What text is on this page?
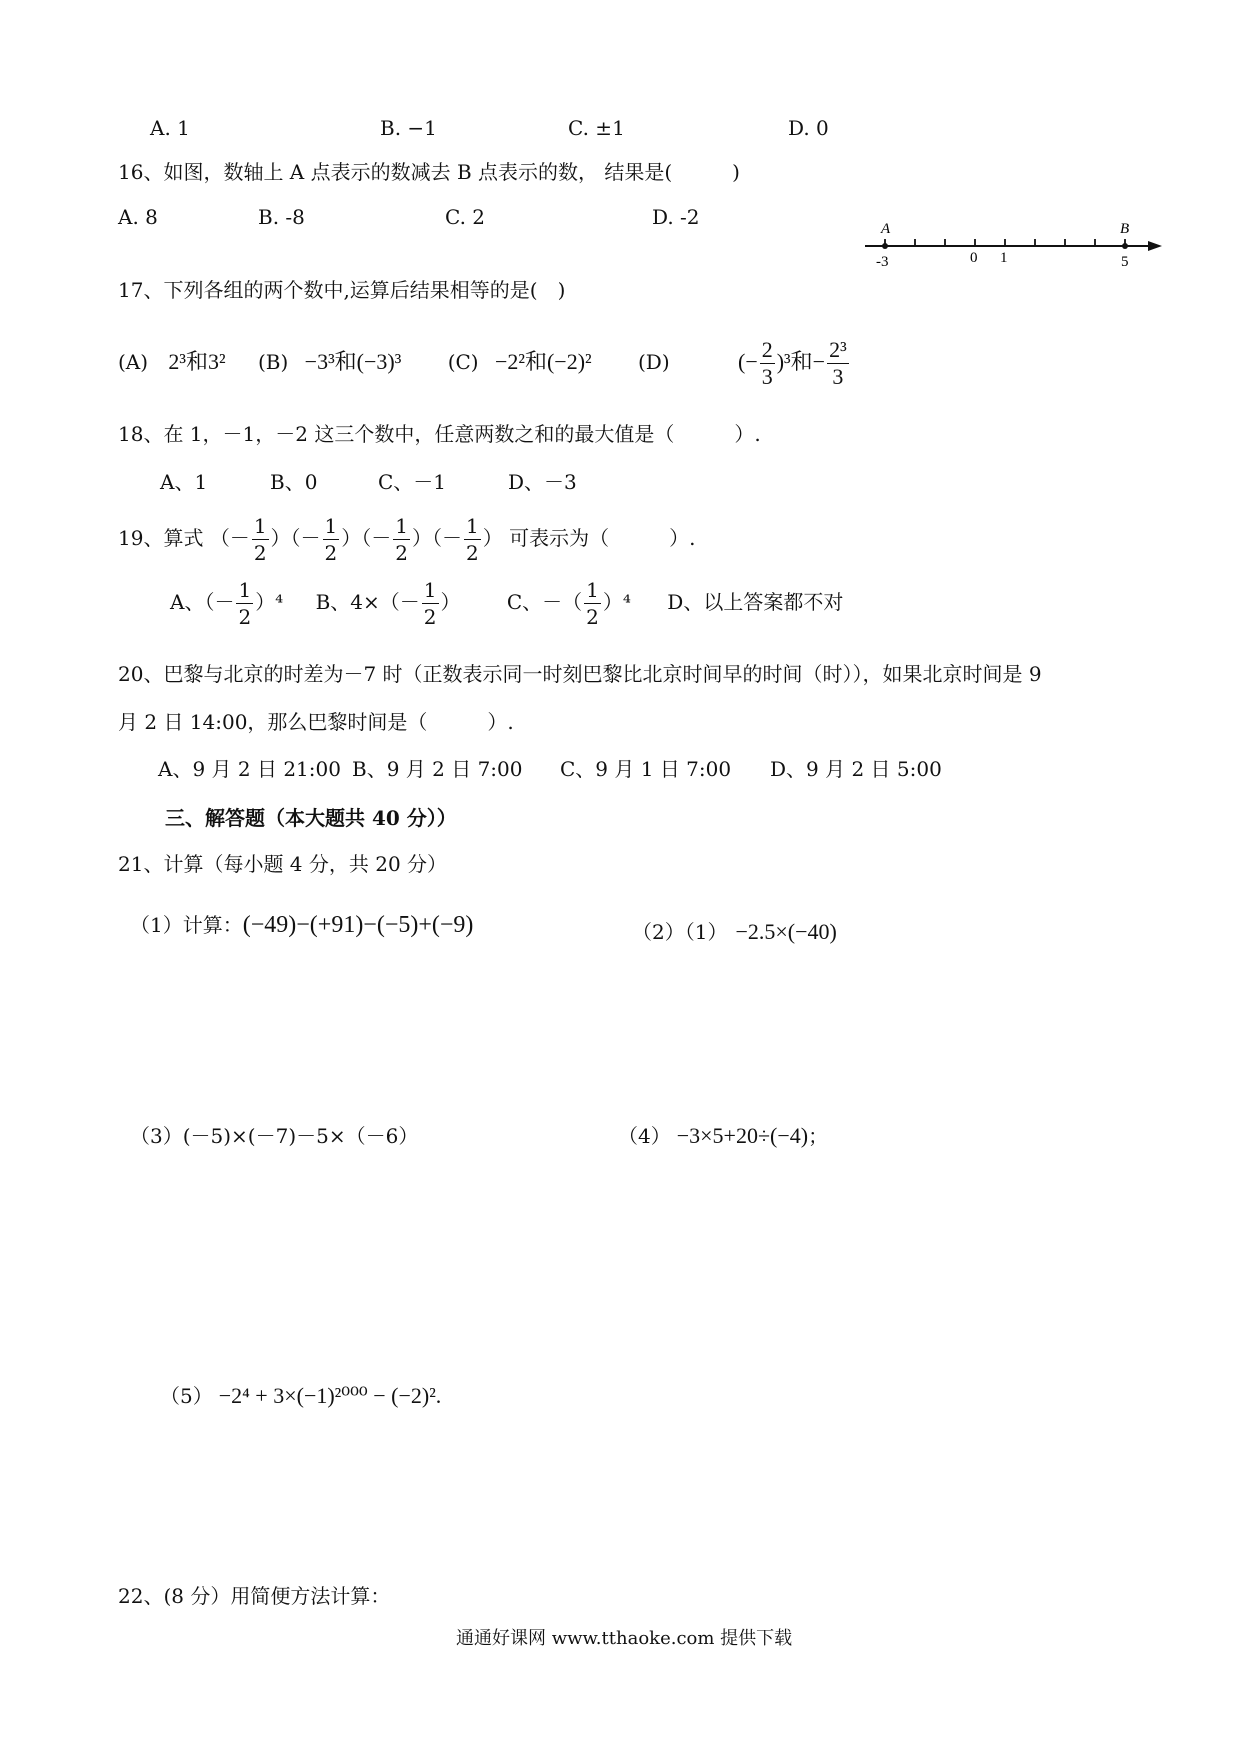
A. 1	B. −1	C. ±1	D. 0
16、如图，数轴上 A 点表示的数减去 B 点表示的数， 结果是(　　　)
A. 8	B. -8	C. 2	D. -2	A	B
-3	0 1	5
17、下列各组的两个数中,运算后结果相等的是(　)
(A) 2³和3² (B) −3³和(−3)³ (C) −2²和(−2)² (D)	(− $\frac{2}{3} )^3$和− $\frac{\text{2³}}{3}$
18、在 1，－1，－2 这三个数中，任意两数之和的最大值是（　　　）.
A、1	B、0	C、－1	D、－3
19、算式 （－ $\frac{1}{2}$ ）（－ $\frac{1}{2}$ ）（－ $\frac{1}{2}$ ）（－ $\frac{1}{2}$ ） 可表示为（　　　）.
A、（－ $\frac{1}{2} )^4$ B、$4\times(- \frac{1}{2}$ ） C、－（ $\frac{1}{2} )^4$ D、以上答案都不对
20、巴黎与北京的时差为－7 时（正数表示同一时刻巴黎比北京时间早的时间（时）），如果北京时间是 9
月 2 日 14:00，那么巴黎时间是（　　　）.
A、9 月 2 日 21:00 B、9 月 2 日 7:00 C、9 月 1 日 7:00 D、9 月 2 日 5:00
三、解答题（本大题共 40 分））
21、计算（每小题 4 分，共 20 分）
（1）计算：(−49)−(+91)−(−5)+(−9)	（2）（1） −2.5×(−40)
（3）(－5)×(－7)－5×（－6）	（4） −3×5+20÷(−4)；
（5） −2⁴ + 3×(−1)²⁰⁰⁰ − (−2)².
22、(8 分）用简便方法计算：
通通好课网 www.tthaoke.com 提供下载
